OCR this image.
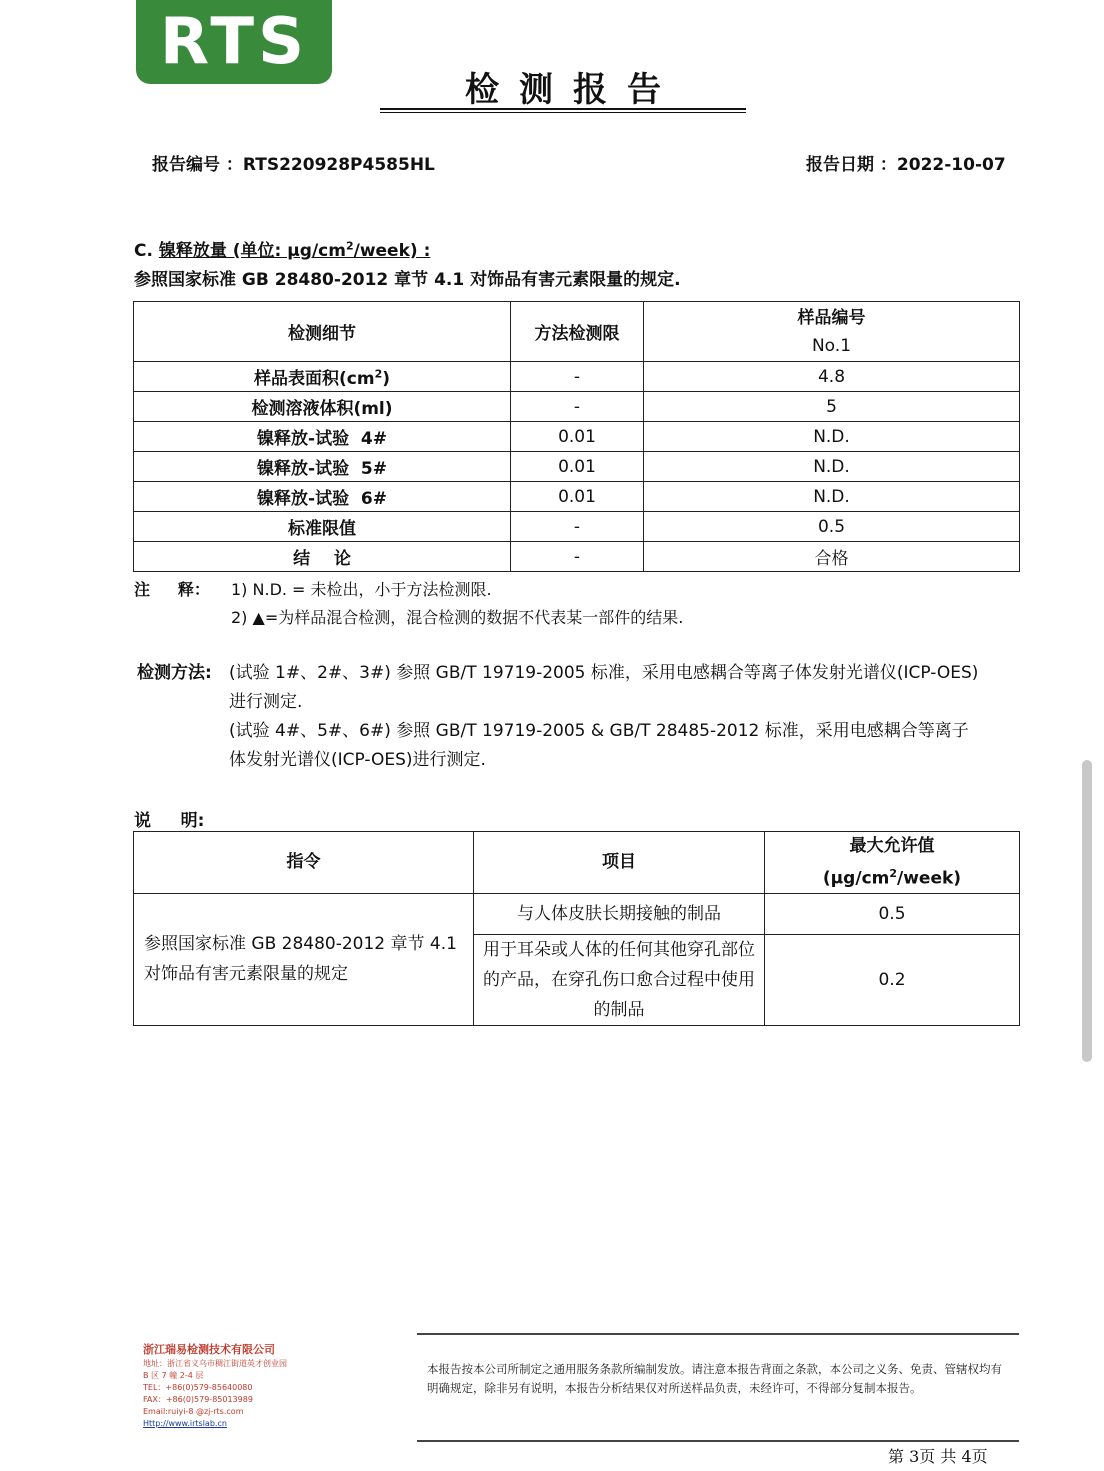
RTS
检测报告
报告编号 ：RTS220928P4585HL	报告日期 ：2022-10-07
C. 镍释放量 (单位: $\mu g/cm^2/week$) :
参照国家标准 GB 28480-2012 章节 4.1 对饰品有害元素限量的规定.
检测细节	方法检测限	样品编号
No.1

样品表面积$(cm^2)$	-	4.8
检测溶液体积(ml)	-	5
镍释放-试验  4#	0.01	N.D.
镍释放-试验  5#	0.01	N.D.
镍释放-试验  6#	0.01	N.D.
标准限值	-	0.5
结    论	-	合格
注     释： 1) N.D. = 未检出，小于方法检测限.
2) ▲=为样品混合检测，混合检测的数据不代表某一部件的结果.
检测方法: (试验 1#、2#、3#) 参照 GB/T 19719-2005 标准，采用电感耦合等离子体发射光谱仪(ICP-OES)
进行测定.
(试验 4#、5#、6#) 参照 GB/T 19719-2005 & GB/T 28485-2012 标准，采用电感耦合等离子
体发射光谱仪(ICP-OES)进行测定.
说     明:
指令	项目	最大允许值
$(\mu g/cm^2/week)$

参照国家标准 GB 28480-2012 章节 4.1 对饰品有害元素限量的规定	与人体皮肤长期接触的制品	0.5
	用于耳朵或人体的任何其他穿孔部位的产品，在穿孔伤口愈合过程中使用的制品	0.2
浙江瑞易检测技术有限公司
地址：浙江省义乌市稠江街道英才创业园
B 区 7 幢 2-4 层
TEL：+86(0)579-85640080
FAX：+86(0)579-85013989
Email:ruiyi-8 @zj-rts.com
Http://www.irtslab.cn
本报告按本公司所制定之通用服务条款所编制发放。请注意本报告背面之条款，本公司之义务、免责、管辖权均有明确规定，除非另有说明，本报告分析结果仅对所送样品负责，未经许可，不得部分复制本报告。
第 3页 共 4页
